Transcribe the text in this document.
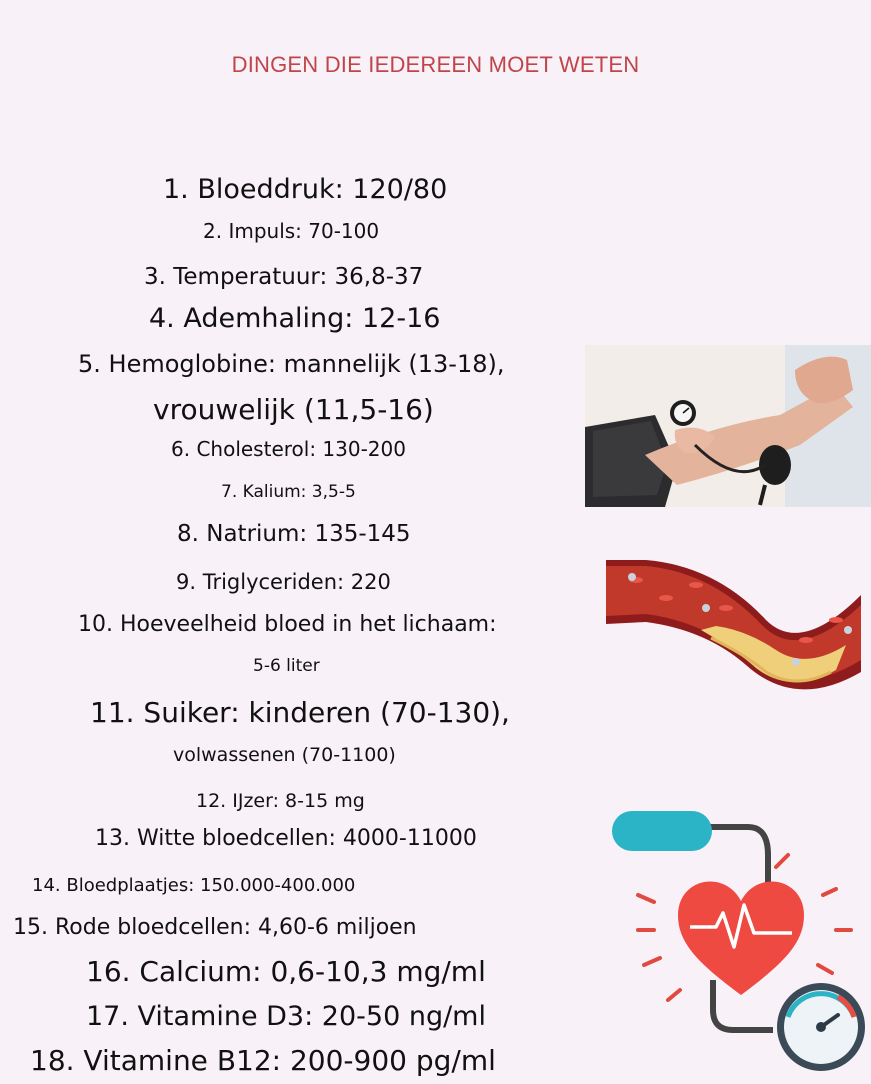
DINGEN DIE IEDEREEN MOET WETEN
1. Bloeddruk: 120/80
2. Impuls: 70-100
3. Temperatuur: 36,8-37
4. Ademhaling: 12-16
5. Hemoglobine: mannelijk (13-18),
vrouwelijk (11,5-16)
6. Cholesterol: 130-200
7. Kalium: 3,5-5
8. Natrium: 135-145
9. Triglyceriden: 220
10. Hoeveelheid bloed in het lichaam:
5-6 liter
11. Suiker: kinderen (70-130),
volwassenen (70-1100)
12. IJzer: 8-15 mg
13. Witte bloedcellen: 4000-11000
14. Bloedplaatjes: 150.000-400.000
15. Rode bloedcellen: 4,60-6 miljoen
16. Calcium: 0,6-10,3 mg/ml
17. Vitamine D3: 20-50 ng/ml
18. Vitamine B12: 200-900 pg/ml
